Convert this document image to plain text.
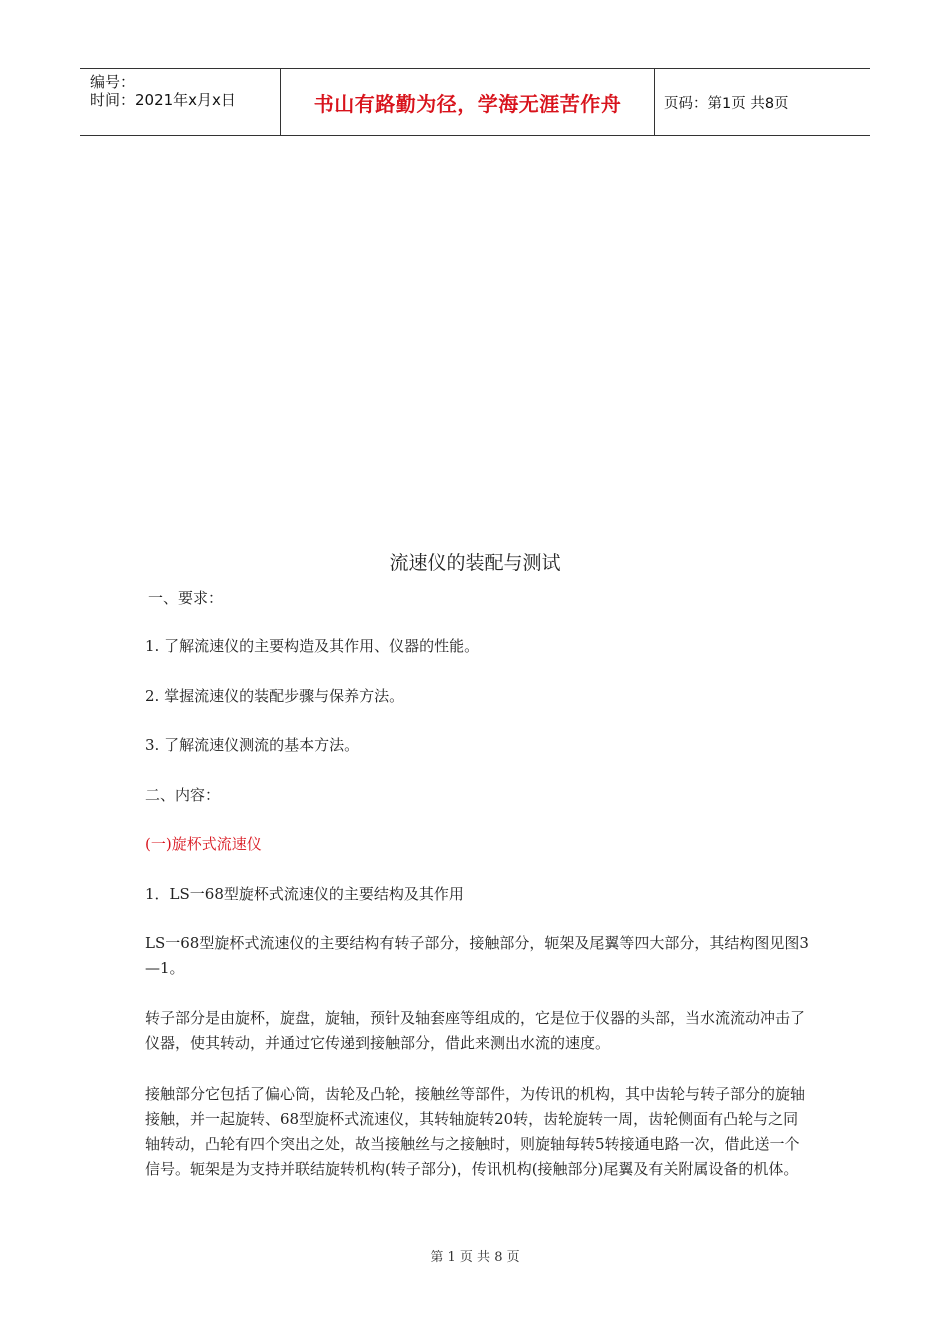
编号：
时间：2021年x月x日	书山有路勤为径，学海无涯苦作舟	页码：第1页 共8页
流速仪的装配与测试

一、要求：

1. 了解流速仪的主要构造及其作用、仪器的性能。

2. 掌握流速仪的装配步骤与保养方法。

3. 了解流速仪测流的基本方法。

二、内容：

(一)旋杯式流速仪

1．LS一68型旋杯式流速仪的主要结构及其作用

LS一68型旋杯式流速仪的主要结构有转子部分，接触部分，轭架及尾翼等四大部分，其结构图见图3—1。

转子部分是由旋杯，旋盘，旋轴，预针及轴套座等组成的，它是位于仪器的头部，当水流流动冲击了仪器，使其转动，并通过它传递到接触部分，借此来测出水流的速度。

接触部分它包括了偏心筒，齿轮及凸轮，接触丝等部件，为传讯的机构，其中齿轮与转子部分的旋轴接触，并一起旋转、68型旋杯式流速仪，其转轴旋转20转，齿轮旋转一周，齿轮侧面有凸轮与之同轴转动，凸轮有四个突出之处，故当接触丝与之接触时，则旋轴每转5转接通电路一次，借此送一个信号。轭架是为支持并联结旋转机构(转子部分)，传讯机构(接触部分)尾翼及有关附属设备的机体。

第 1 页 共 8 页
